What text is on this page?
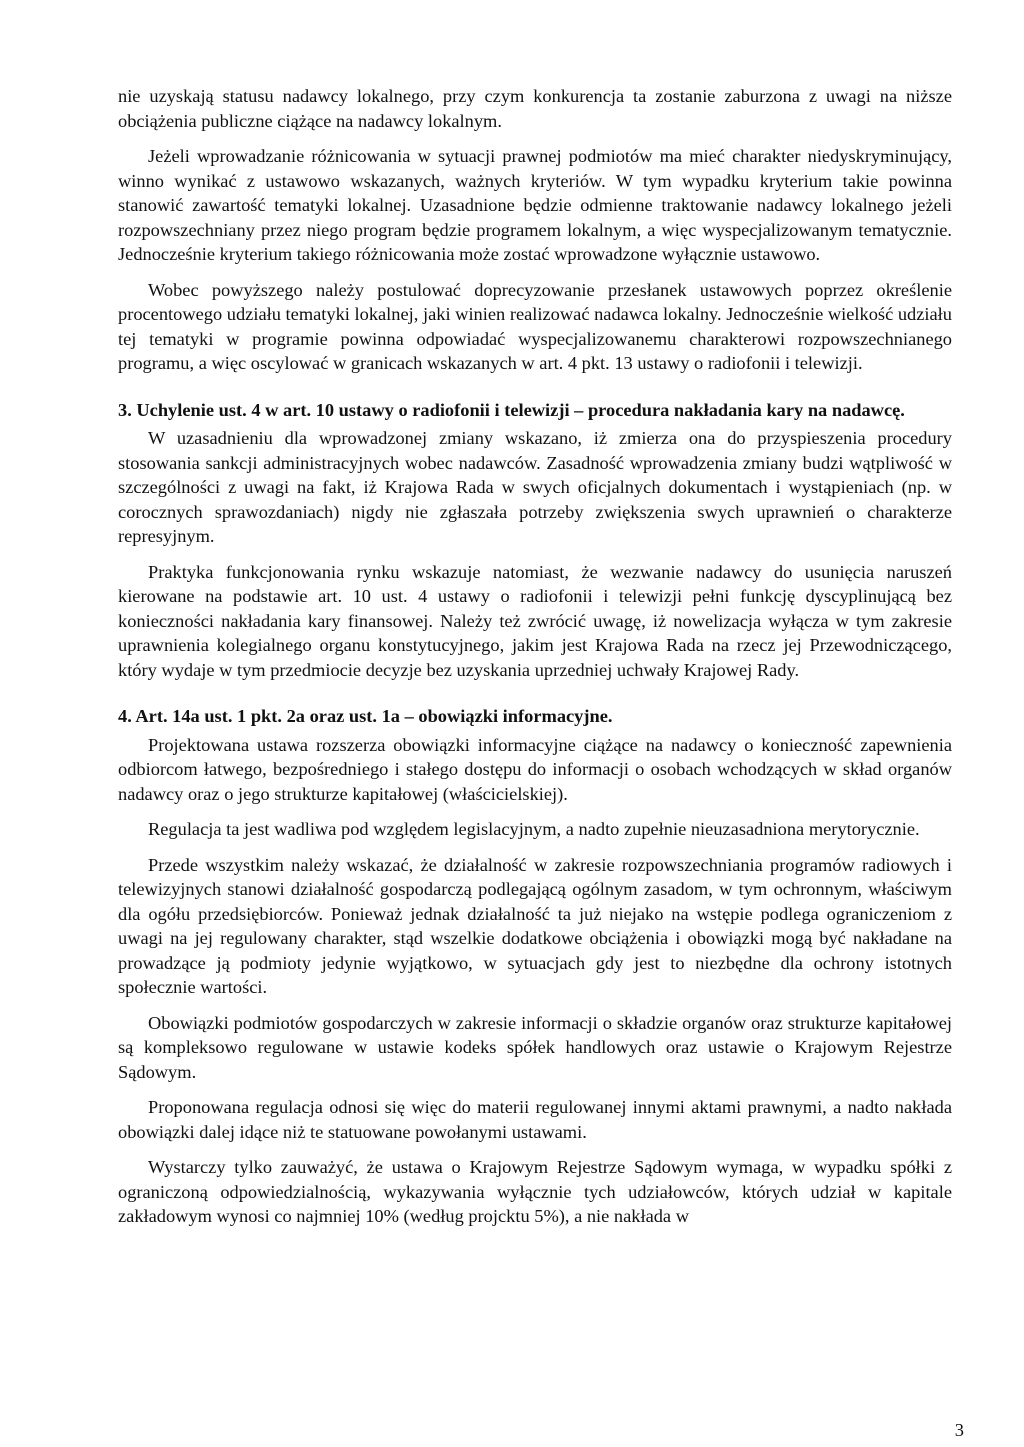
nie uzyskają statusu nadawcy lokalnego, przy czym konkurencja ta zostanie zaburzona z uwagi na niższe obciążenia publiczne ciążące na nadawcy lokalnym.

Jeżeli wprowadzanie różnicowania w sytuacji prawnej podmiotów ma mieć charakter niedyskryminujący, winno wynikać z ustawowo wskazanych, ważnych kryteriów. W tym wypadku kryterium takie powinna stanowić zawartość tematyki lokalnej. Uzasadnione będzie odmienne traktowanie nadawcy lokalnego jeżeli rozpowszechniany przez niego program będzie programem lokalnym, a więc wyspecjalizowanym tematycznie. Jednocześnie kryterium takiego różnicowania może zostać wprowadzone wyłącznie ustawowo.

Wobec powyższego należy postulować doprecyzowanie przesłanek ustawowych poprzez określenie procentowego udziału tematyki lokalnej, jaki winien realizować nadawca lokalny. Jednocześnie wielkość udziału tej tematyki w programie powinna odpowiadać wyspecjalizowanemu charakterowi rozpowszechnianego programu, a więc oscylować w granicach wskazanych w art. 4 pkt. 13 ustawy o radiofonii i telewizji.

3. Uchylenie ust. 4 w art. 10 ustawy o radiofonii i telewizji – procedura nakładania kary na nadawcę.

W uzasadnieniu dla wprowadzonej zmiany wskazano, iż zmierza ona do przyspieszenia procedury stosowania sankcji administracyjnych wobec nadawców. Zasadność wprowadzenia zmiany budzi wątpliwość w szczególności z uwagi na fakt, iż Krajowa Rada w swych oficjalnych dokumentach i wystąpieniach (np. w corocznych sprawozdaniach) nigdy nie zgłaszała potrzeby zwiększenia swych uprawnień o charakterze represyjnym.

Praktyka funkcjonowania rynku wskazuje natomiast, że wezwanie nadawcy do usunięcia naruszeń kierowane na podstawie art. 10 ust. 4 ustawy o radiofonii i telewizji pełni funkcję dyscyplinującą bez konieczności nakładania kary finansowej. Należy też zwrócić uwagę, iż nowelizacja wyłącza w tym zakresie uprawnienia kolegialnego organu konstytucyjnego, jakim jest Krajowa Rada na rzecz jej Przewodniczącego, który wydaje w tym przedmiocie decyzje bez uzyskania uprzedniej uchwały Krajowej Rady.

4. Art. 14a ust. 1 pkt. 2a oraz ust. 1a – obowiązki informacyjne.

Projektowana ustawa rozszerza obowiązki informacyjne ciążące na nadawcy o konieczność zapewnienia odbiorcom łatwego, bezpośredniego i stałego dostępu do informacji o osobach wchodzących w skład organów nadawcy oraz o jego strukturze kapitałowej (właścicielskiej).

Regulacja ta jest wadliwa pod względem legislacyjnym, a nadto zupełnie nieuzasadniona merytorycznie.

Przede wszystkim należy wskazać, że działalność w zakresie rozpowszechniania programów radiowych i telewizyjnych stanowi działalność gospodarczą podlegającą ogólnym zasadom, w tym ochronnym, właściwym dla ogółu przedsiębiorców. Ponieważ jednak działalność ta już niejako na wstępie podlega ograniczeniom z uwagi na jej regulowany charakter, stąd wszelkie dodatkowe obciążenia i obowiązki mogą być nakładane na prowadzące ją podmioty jedynie wyjątkowo, w sytuacjach gdy jest to niezbędne dla ochrony istotnych społecznie wartości.

Obowiązki podmiotów gospodarczych w zakresie informacji o składzie organów oraz strukturze kapitałowej są kompleksowo regulowane w ustawie kodeks spółek handlowych oraz ustawie o Krajowym Rejestrze Sądowym.

Proponowana regulacja odnosi się więc do materii regulowanej innymi aktami prawnymi, a nadto nakłada obowiązki dalej idące niż te statuowane powołanymi ustawami.

Wystarczy tylko zauważyć, że ustawa o Krajowym Rejestrze Sądowym wymaga, w wypadku spółki z ograniczoną odpowiedzialnością, wykazywania wyłącznie tych udziałowców, których udział w kapitale zakładowym wynosi co najmniej 10% (według projcktu 5%), a nie nakłada w

3
